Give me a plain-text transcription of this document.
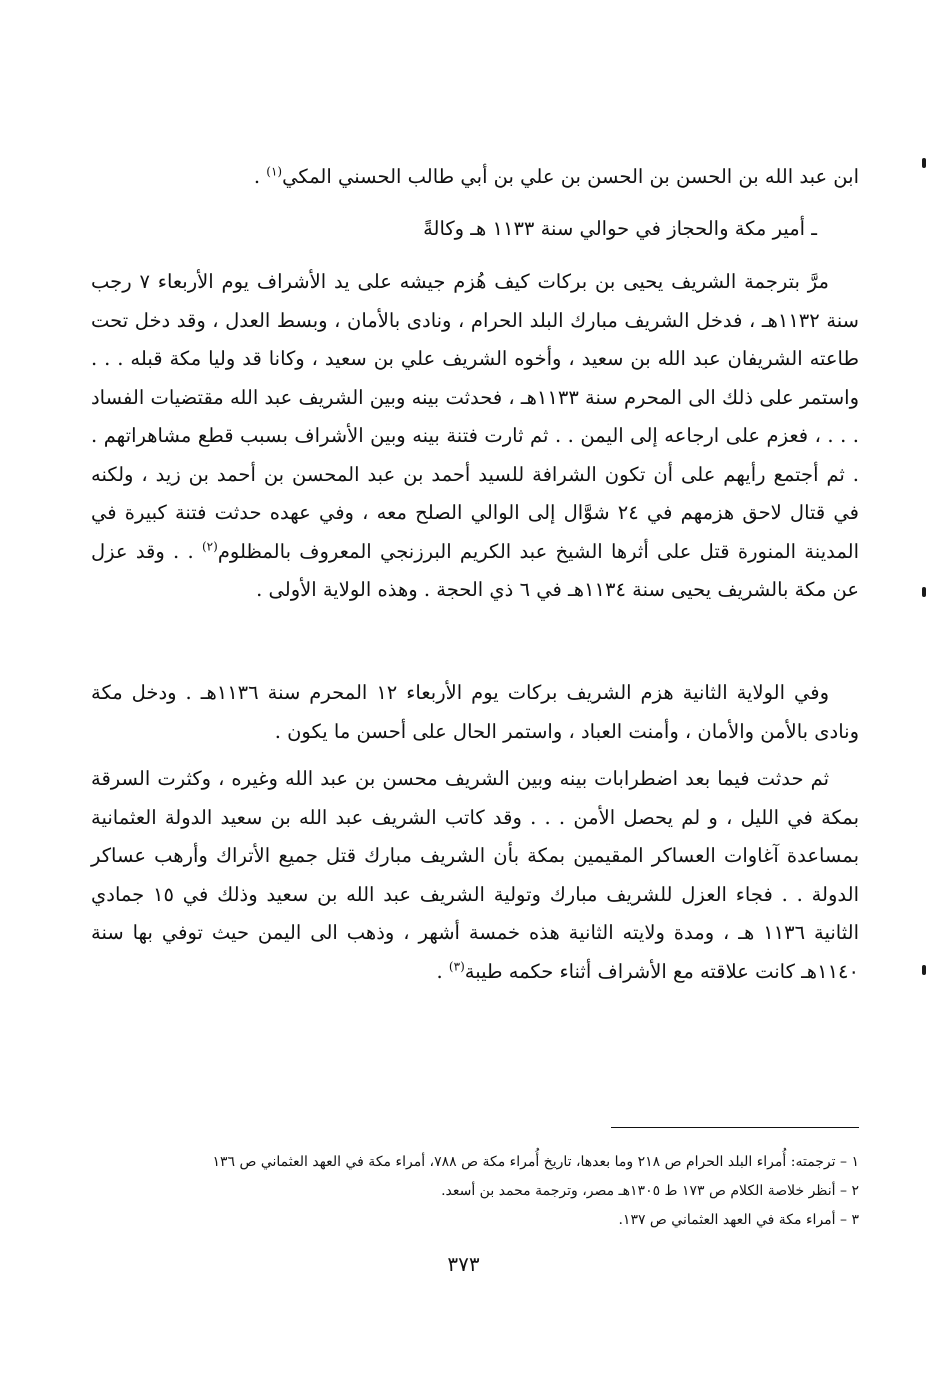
ابن عبد الله بن الحسن بن الحسن بن علي بن أبي طالب الحسني المكي$^{(١)}$ .
ـ أمير مكة والحجاز في حوالي سنة ١١٣٣ هـ وكالةً

مرَّ بترجمة الشريف يحيى بن بركات كيف هُزم جيشه على يد الأشراف يوم الأربعاء ٧ رجب سنة ١١٣٢هـ ، فدخل الشريف مبارك البلد الحرام ، ونادى بالأمان ، وبسط العدل ، وقد دخل تحت طاعته الشريفان عبد الله بن سعيد ، وأخوه الشريف علي بن سعيد ، وكانا قد وليا مكة قبله . . . واستمر على ذلك الى المحرم سنة ١١٣٣هـ ، فحدثت بينه وبين الشريف عبد الله مقتضيات الفساد . . . ، فعزم على ارجاعه إلى اليمن . . ثم ثارت فتنة بينه وبين الأشراف بسبب قطع مشاهراتهم . . ثم أجتمع رأيهم على أن تكون الشرافة للسيد أحمد بن عبد المحسن بن أحمد بن زيد ، ولكنه في قتال لاحق هزمهم في ٢٤ شوَّال إلى الوالي الصلح معه ، وفي عهده حدثت فتنة كبيرة في المدينة المنورة قتل على أثرها الشيخ عبد الكريم البرزنجي المعروف بالمظلوم$^{(٢)}$ . . وقد عزل عن مكة بالشريف يحيى سنة ١١٣٤هـ في ٦ ذي الحجة . وهذه الولاية الأولى .

وفي الولاية الثانية هزم الشريف بركات يوم الأربعاء ١٢ المحرم سنة ١١٣٦هـ . ودخل مكة ونادى بالأمن والأمان ، وأمنت العباد ، واستمر الحال على أحسن ما يكون .

ثم حدثت فيما بعد اضطرابات بينه وبين الشريف محسن بن عبد الله وغيره ، وكثرت السرقة بمكة في الليل ، و لم يحصل الأمن . . . وقد كاتب الشريف عبد الله بن سعيد الدولة العثمانية بمساعدة آغاوات العساكر المقيمين بمكة بأن الشريف مبارك قتل جميع الأتراك وأرهب عساكر الدولة . . فجاء العزل للشريف مبارك وتولية الشريف عبد الله بن سعيد وذلك في ١٥ جمادي الثانية ١١٣٦ هـ ، ومدة ولايته الثانية هذه خمسة أشهر ، وذهب الى اليمن حيث توفي بها سنة ١١٤٠هـ كانت علاقته مع الأشراف أثناء حكمه طيبة$^{(٣)}$ .

١ – ترجمته: أُمراء البلد الحرام ص ٢١٨ وما بعدها، تاريخ أُمراء مكة ص ٧٨٨، أمراء مكة في العهد العثماني ص ١٣٦
٢ – أنظر خلاصة الكلام ص ١٧٣ ط ١٣٠٥هـ مصر، وترجمة محمد بن أسعد.
٣ – أمراء مكة في العهد العثماني ص ١٣٧.
٣٧٣
